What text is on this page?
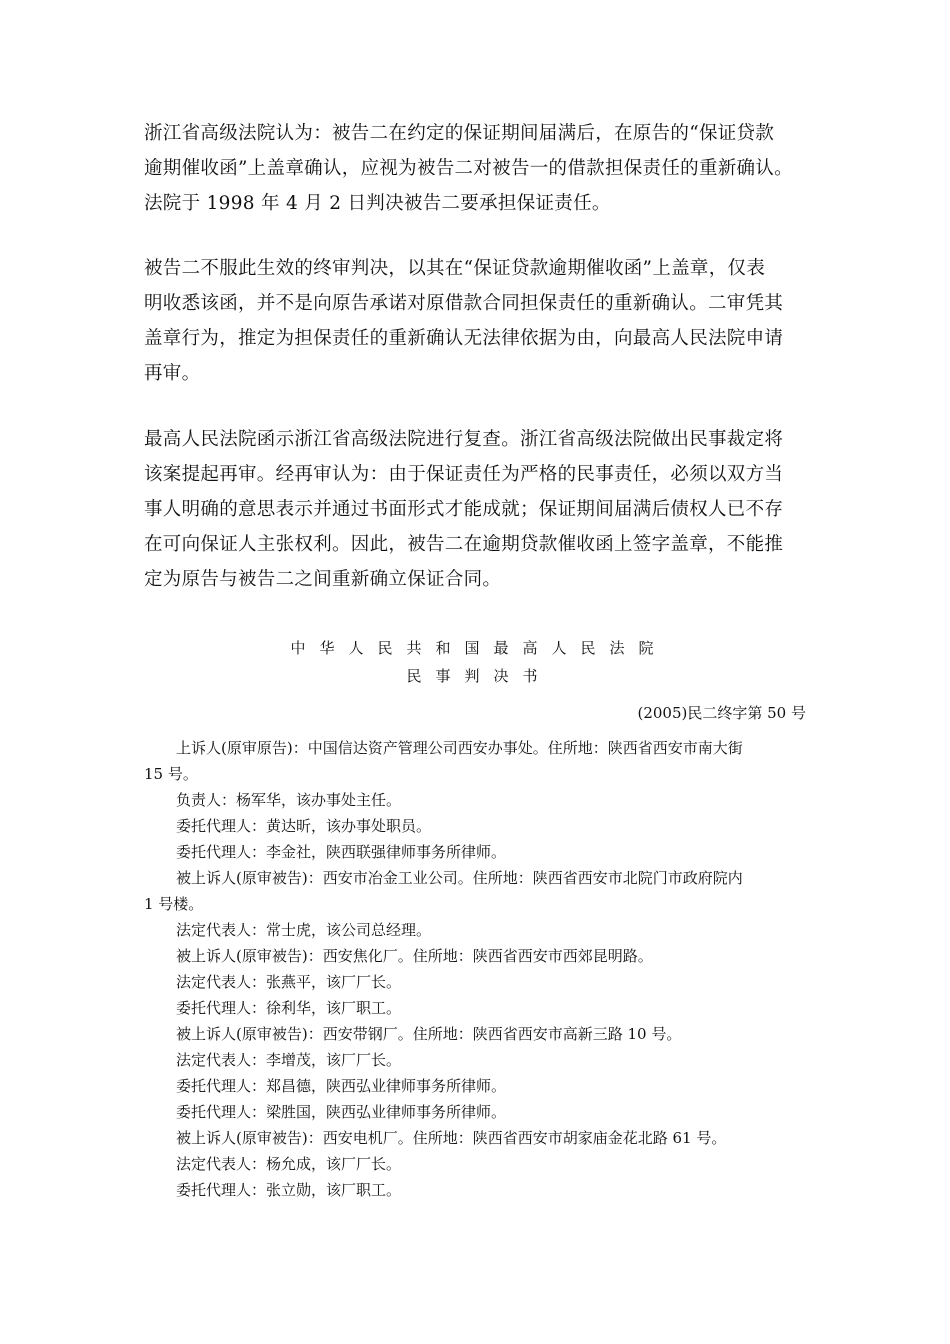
浙江省高级法院认为：被告二在约定的保证期间届满后，在原告的“保证贷款
逾期催收函”上盖章确认，应视为被告二对被告一的借款担保责任的重新确认。
法院于 1998 年 4 月 2 日判决被告二要承担保证责任。
被告二不服此生效的终审判决，以其在“保证贷款逾期催收函”上盖章，仅表
明收悉该函，并不是向原告承诺对原借款合同担保责任的重新确认。二审凭其
盖章行为，推定为担保责任的重新确认无法律依据为由，向最高人民法院申请
再审。
最高人民法院函示浙江省高级法院进行复查。浙江省高级法院做出民事裁定将
该案提起再审。经再审认为：由于保证责任为严格的民事责任，必须以双方当
事人明确的意思表示并通过书面形式才能成就；保证期间届满后债权人已不存
在可向保证人主张权利。因此，被告二在逾期贷款催收函上签字盖章，不能推
定为原告与被告二之间重新确立保证合同。
中华人民共和国最高人民法院
民事判决书
(2005)民二终字第 50 号
上诉人(原审原告)：中国信达资产管理公司西安办事处。住所地：陕西省西安市南大街
15 号。
负责人：杨军华，该办事处主任。
委托代理人：黄达昕，该办事处职员。
委托代理人：李金社，陕西联强律师事务所律师。
被上诉人(原审被告)：西安市冶金工业公司。住所地：陕西省西安市北院门市政府院内
1 号楼。
法定代表人：常士虎，该公司总经理。
被上诉人(原审被告)：西安焦化厂。住所地：陕西省西安市西郊昆明路。
法定代表人：张燕平，该厂厂长。
委托代理人：徐利华，该厂职工。
被上诉人(原审被告)：西安带钢厂。住所地：陕西省西安市高新三路 10 号。
法定代表人：李增茂，该厂厂长。
委托代理人：郑昌德，陕西弘业律师事务所律师。
委托代理人：梁胜国，陕西弘业律师事务所律师。
被上诉人(原审被告)：西安电机厂。住所地：陕西省西安市胡家庙金花北路 61 号。
法定代表人：杨允成，该厂厂长。
委托代理人：张立勋，该厂职工。
